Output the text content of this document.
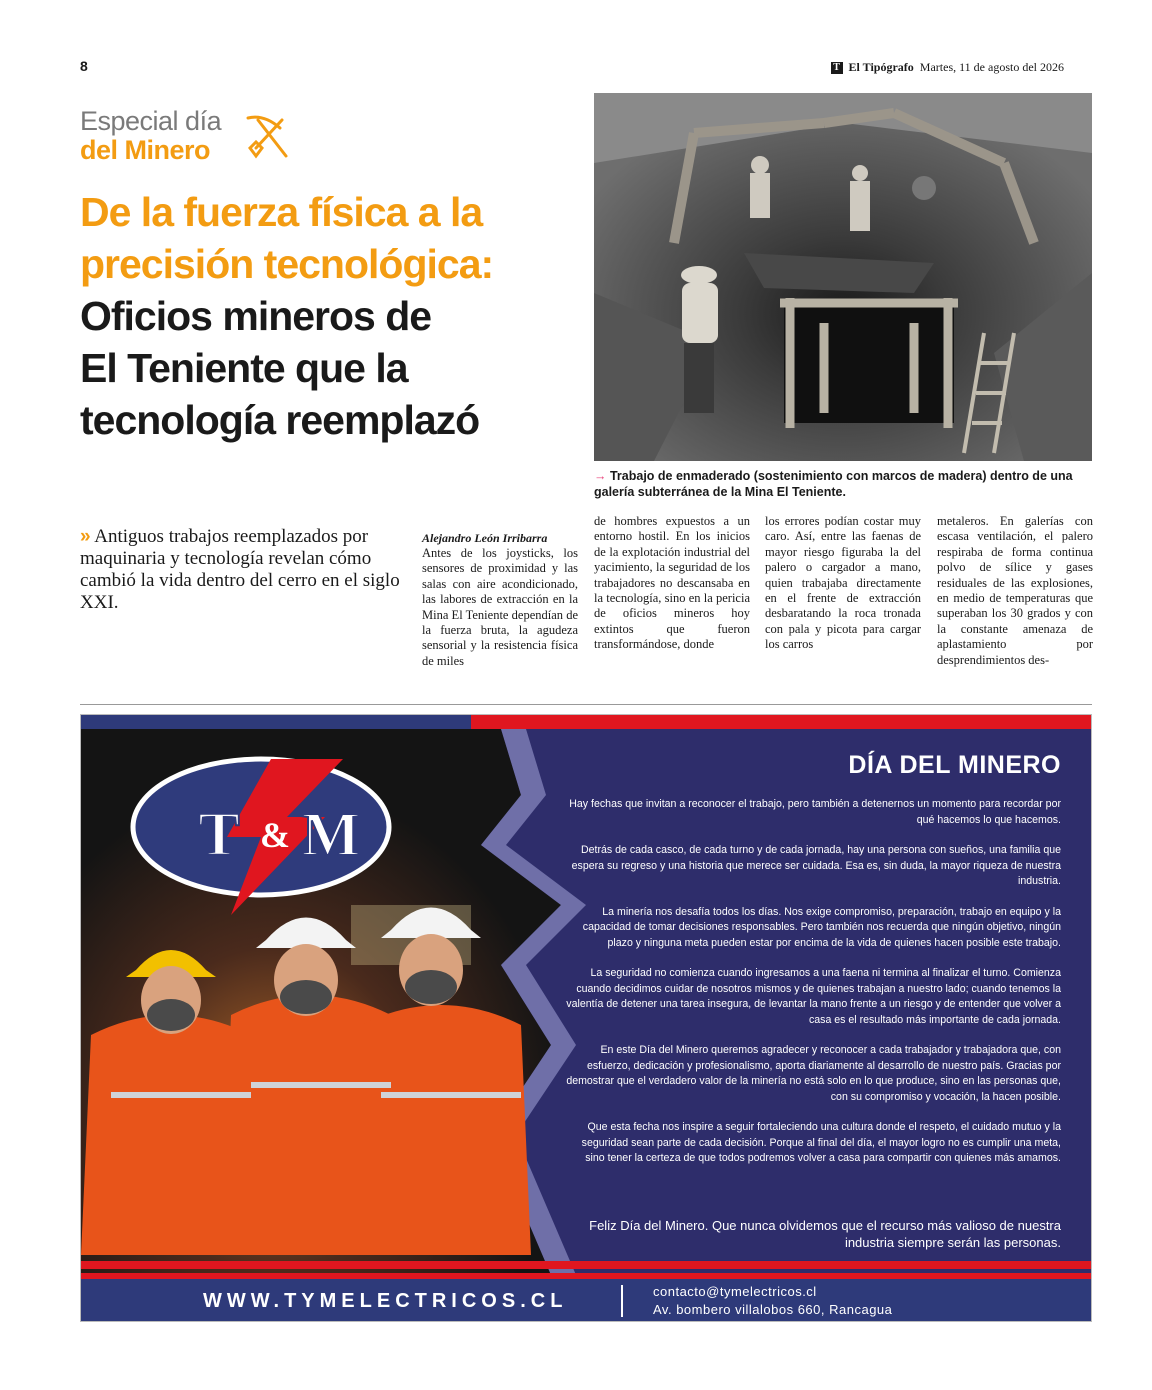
8	T El Tipógrafo Martes, 11 de agosto del 2026
Especial día
del Minero
De la fuerza física a la
precisión tecnológica:
Oficios mineros de
El Teniente que la
tecnología reemplazó
→ Trabajo de enmaderado (sostenimiento con marcos de madera) dentro de una galería subterránea de la Mina El Teniente.
» Antiguos trabajos reemplazados por maquinaria y tecnología revelan cómo cambió la vida dentro del cerro en el siglo XXI.
Alejandro León Irribarra
Antes de los joysticks, los sensores de proximidad y las salas con aire acondicionado, las labores de extracción en la Mina El Teniente dependían de la fuerza bruta, la agudeza sensorial y la resistencia física de miles
de hombres expuestos a un entorno hostil. En los inicios de la explotación industrial del yacimiento, la seguridad de los trabajadores no descansaba en la tecnología, sino en la pericia de oficios mineros hoy extintos que fueron transformándose, donde
los errores podían costar muy caro. Así, entre las faenas de mayor riesgo figuraba la del palero o cargador a mano, quien trabajaba directamente en el frente de extracción desbaratando la roca tronada con pala y picota para cargar los carros
metaleros. En galerías con escasa ventilación, el palero respiraba de forma continua polvo de sílice y gases residuales de las explosiones, en medio de temperaturas que superaban los 30 grados y con la constante amenaza de aplastamiento por desprendimientos des-
T & M
DÍA DEL MINERO

Hay fechas que invitan a reconocer el trabajo, pero también a detenernos un momento para recordar por qué hacemos lo que hacemos.

Detrás de cada casco, de cada turno y de cada jornada, hay una persona con sueños, una familia que espera su regreso y una historia que merece ser cuidada. Esa es, sin duda, la mayor riqueza de nuestra industria.

La minería nos desafía todos los días. Nos exige compromiso, preparación, trabajo en equipo y la capacidad de tomar decisiones responsables. Pero también nos recuerda que ningún objetivo, ningún plazo y ninguna meta pueden estar por encima de la vida de quienes hacen posible este trabajo.

La seguridad no comienza cuando ingresamos a una faena ni termina al finalizar el turno. Comienza cuando decidimos cuidar de nosotros mismos y de quienes trabajan a nuestro lado; cuando tenemos la valentía de detener una tarea insegura, de levantar la mano frente a un riesgo y de entender que volver a casa es el resultado más importante de cada jornada.

En este Día del Minero queremos agradecer y reconocer a cada trabajador y trabajadora que, con esfuerzo, dedicación y profesionalismo, aporta diariamente al desarrollo de nuestro país. Gracias por demostrar que el verdadero valor de la minería no está solo en lo que produce, sino en las personas que, con su compromiso y vocación, la hacen posible.

Que esta fecha nos inspire a seguir fortaleciendo una cultura donde el respeto, el cuidado mutuo y la seguridad sean parte de cada decisión. Porque al final del día, el mayor logro no es cumplir una meta, sino tener la certeza de que todos podremos volver a casa para compartir con quienes más amamos.

Feliz Día del Minero. Que nunca olvidemos que el recurso más valioso de nuestra industria siempre serán las personas.
WWW.TYMELECTRICOS.CL	contacto@tymelectricos.cl
Av. bombero villalobos 660, Rancagua
